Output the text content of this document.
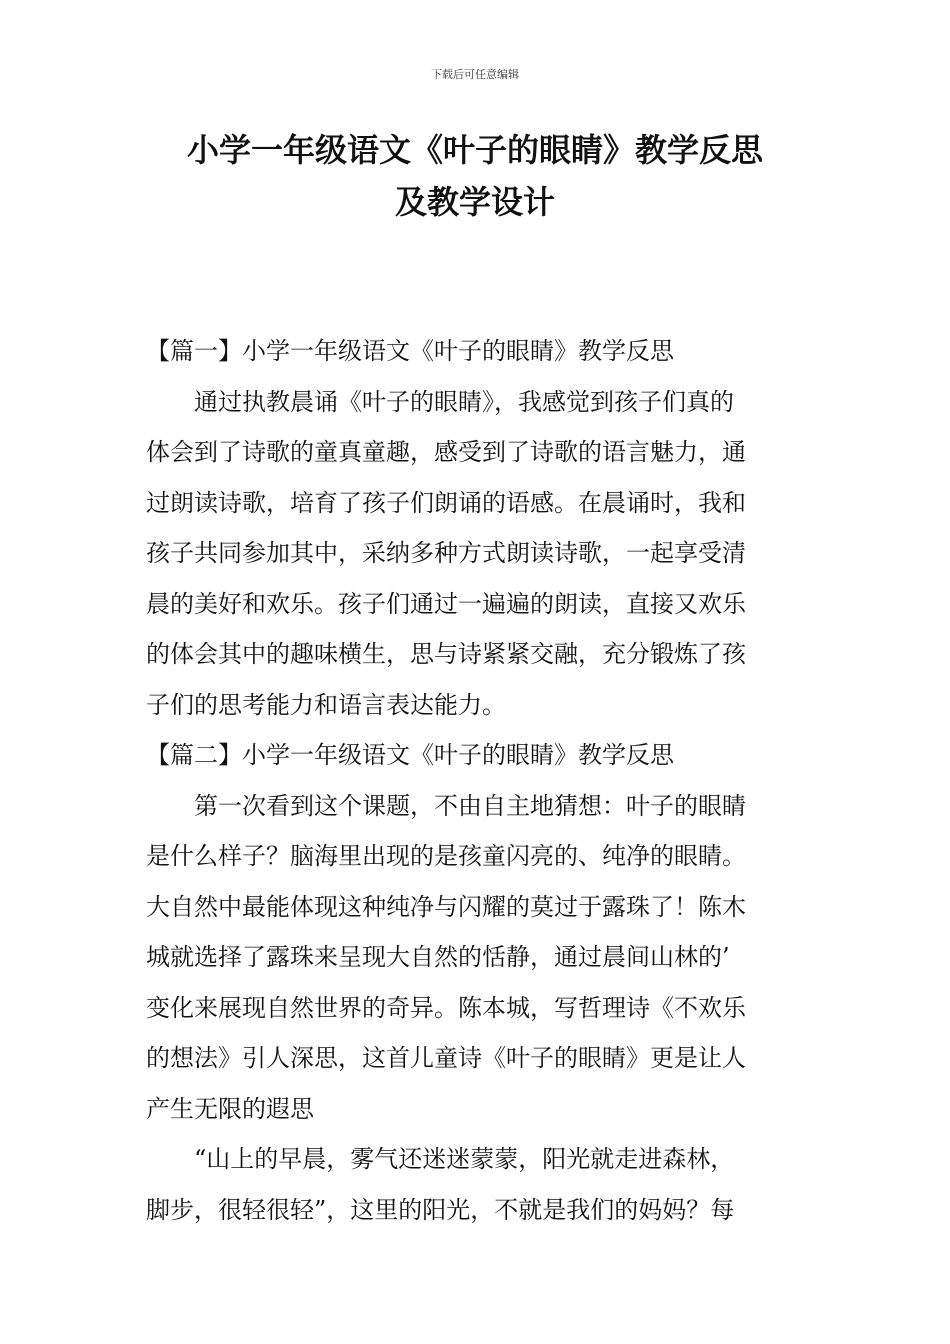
下载后可任意编辑
小学一年级语文《叶子的眼睛》教学反思
及教学设计
【篇一】小学一年级语文《叶子的眼睛》教学反思
通过执教晨诵《叶子的眼睛》，我感觉到孩子们真的
体会到了诗歌的童真童趣，感受到了诗歌的语言魅力，通
过朗读诗歌，培育了孩子们朗诵的语感。在晨诵时，我和
孩子共同参加其中，采纳多种方式朗读诗歌，一起享受清
晨的美好和欢乐。孩子们通过一遍遍的朗读，直接又欢乐
的体会其中的趣味横生，思与诗紧紧交融，充分锻炼了孩
子们的思考能力和语言表达能力。
【篇二】小学一年级语文《叶子的眼睛》教学反思
第一次看到这个课题，不由自主地猜想：叶子的眼睛
是什么样子？脑海里出现的是孩童闪亮的、纯净的眼睛。
大自然中最能体现这种纯净与闪耀的莫过于露珠了！陈木
城就选择了露珠来呈现大自然的恬静，通过晨间山林的’
变化来展现自然世界的奇异。陈本城，写哲理诗《不欢乐
的想法》引人深思，这首儿童诗《叶子的眼睛》更是让人
产生无限的遐思
“山上的早晨，雾气还迷迷蒙蒙，阳光就走进森林，
脚步，很轻很轻”，这里的阳光，不就是我们的妈妈？每
